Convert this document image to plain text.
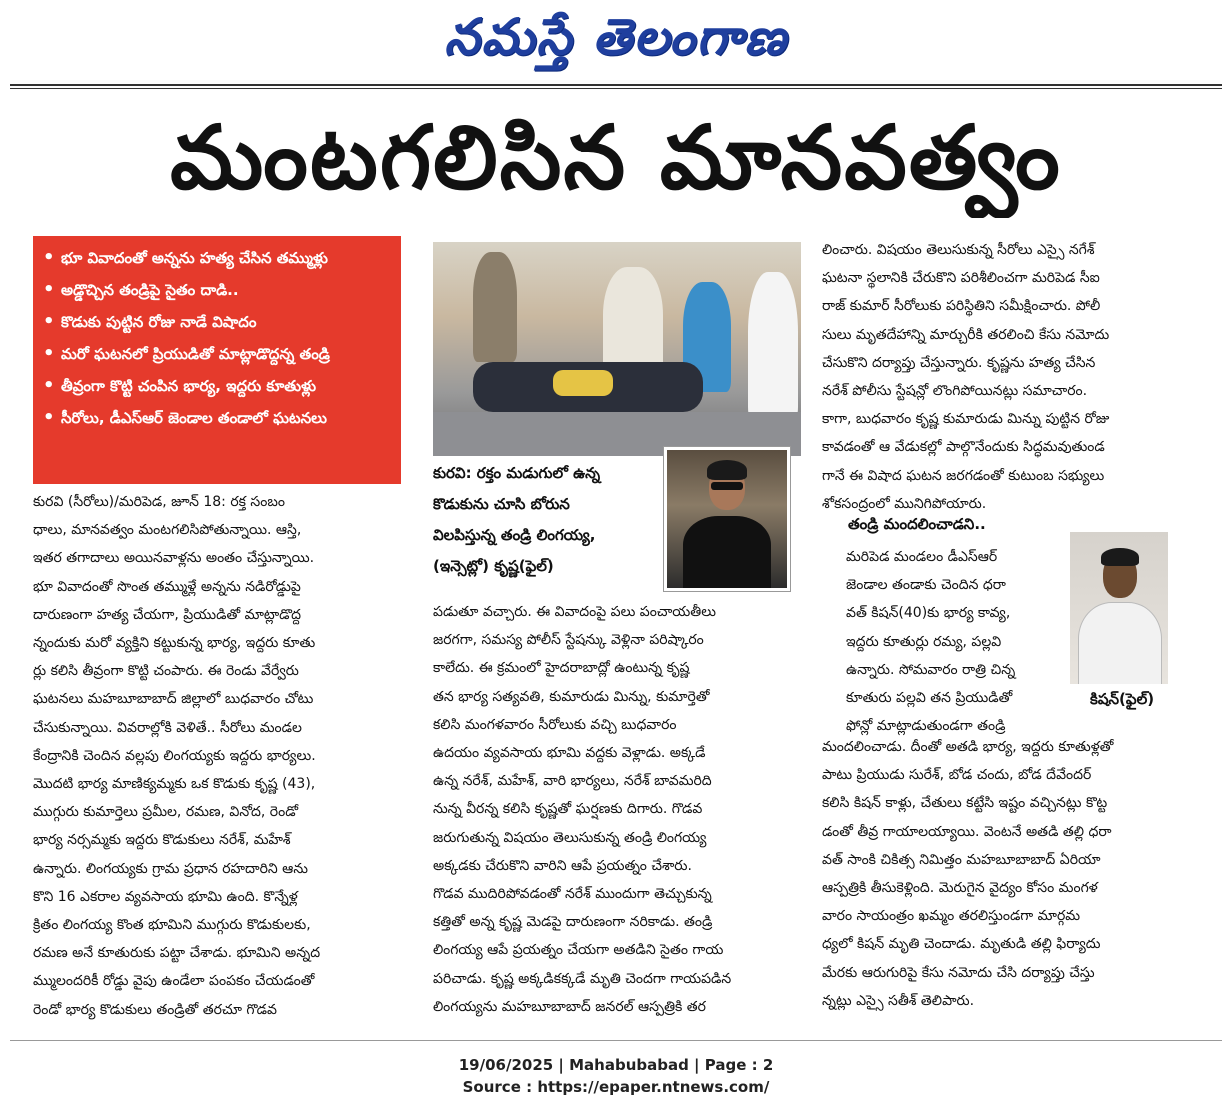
నమస్తే తెలంగాణ
మంటగలిసిన మానవత్వం
• భూ వివాదంతో అన్నను హత్య చేసిన తమ్ముళ్లు
• అడ్డొచ్చిన తండ్రిపై సైతం దాడి..
• కొడుకు పుట్టిన రోజు నాడే విషాదం
• మరో ఘటనలో ప్రియుడితో మాట్లాడొద్దన్న తండ్రి
• తీవ్రంగా కొట్టి చంపిన భార్య, ఇద్దరు కూతుళ్లు
• సీరోలు, డీఎస్ఆర్ జెండాల తండాలో ఘటనలు

కురవి (సీరోలు)/మరిపెడ, జూన్ 18: రక్త సంబం

ధాలు, మానవత్వం మంటగలిసిపోతున్నాయి. ఆస్తి,

ఇతర తగాదాలు అయినవాళ్లను అంతం చేస్తున్నాయి.

భూ వివాదంతో సొంత తమ్ముళ్లే అన్నను నడిరోడ్డుపై

దారుణంగా హత్య చేయగా, ప్రియుడితో మాట్లాడొద్ద

న్నందుకు మరో వ్యక్తిని కట్టుకున్న భార్య, ఇద్దరు కూతు

ర్లు కలిసి తీవ్రంగా కొట్టి చంపారు. ఈ రెండు వేర్వేరు

ఘటనలు మహబూబాబాద్ జిల్లాలో బుధవారం చోటు

చేసుకున్నాయి. వివరాల్లోకి వెళితే.. సీరోలు మండల

కేంద్రానికి చెందిన వల్లపు లింగయ్యకు ఇద్దరు భార్యలు.

మొదటి భార్య మాణిక్యమ్మకు ఒక కొడుకు కృష్ణ (43),

ముగ్గురు కుమార్తెలు ప్రమీల, రమణ, వినోద, రెండో

భార్య నర్సమ్మకు ఇద్దరు కొడుకులు నరేశ్, మహేశ్

ఉన్నారు. లింగయ్యకు గ్రామ ప్రధాన రహదారిని ఆను

కొని 16 ఎకరాల వ్యవసాయ భూమి ఉంది. కొన్నేళ్ల

క్రితం లింగయ్య కొంత భూమిని ముగ్గురు కొడుకులకు,

రమణ అనే కూతురుకు పట్టా చేశాడు. భూమిని అన్నద

మ్ములందరికీ రోడ్డు వైపు ఉండేలా పంపకం చేయడంతో

రెండో భార్య కొడుకులు తండ్రితో తరచూ గొడవ

కురవి: రక్తం మడుగులో ఉన్న
కొడుకును చూసి బోరున
విలపిస్తున్న తండ్రి లింగయ్య,
(ఇన్సెట్లో) కృష్ణ(ఫైల్)

పడుతూ వచ్చారు. ఈ వివాదంపై పలు పంచాయతీలు

జరగగా, సమస్య పోలీస్ స్టేషన్కు వెళ్లినా పరిష్కారం

కాలేదు. ఈ క్రమంలో హైదరాబాద్లో ఉంటున్న కృష్ణ

తన భార్య సత్యవతి, కుమారుడు మిన్ను, కుమార్తెతో

కలిసి మంగళవారం సీరోలుకు వచ్చి బుధవారం

ఉదయం వ్యవసాయ భూమి వద్దకు వెళ్లాడు. అక్కడే

ఉన్న నరేశ్, మహేశ్, వారి భార్యలు, నరేశ్ బావమరిది

నున్న వీరన్న కలిసి కృష్ణతో ఘర్షణకు దిగారు. గొడవ

జరుగుతున్న విషయం తెలుసుకున్న తండ్రి లింగయ్య

అక్కడకు చేరుకొని వారిని ఆపే ప్రయత్నం చేశారు.

గొడవ ముదిరిపోవడంతో నరేశ్ ముందుగా తెచ్చుకున్న

కత్తితో అన్న కృష్ణ మెడపై దారుణంగా నరికాడు. తండ్రి

లింగయ్య ఆపే ప్రయత్నం చేయగా అతడిని సైతం గాయ

పరిచాడు. కృష్ణ అక్కడికక్కడే మృతి చెందగా గాయపడిన

లింగయ్యను మహబూబాబాద్ జనరల్ ఆస్పత్రికి తర

లించారు. విషయం తెలుసుకున్న సీరోలు ఎస్సై నగేశ్

ఘటనా స్థలానికి చేరుకొని పరిశీలించగా మరిపెడ సీఐ

రాజ్ కుమార్ సీరోలుకు పరిస్థితిని సమీక్షించారు. పోలీ

సులు మృతదేహాన్ని మార్చురీకి తరలించి కేసు నమోదు

చేసుకొని దర్యాప్తు చేస్తున్నారు. కృష్ణను హత్య చేసిన

నరేశ్ పోలీసు స్టేషన్లో లొంగిపోయినట్లు సమాచారం.

కాగా, బుధవారం కృష్ణ కుమారుడు మిన్ను పుట్టిన రోజు

కావడంతో ఆ వేడుకల్లో పాల్గొనేందుకు సిద్ధమవుతుండ

గానే ఈ విషాద ఘటన జరగడంతో కుటుంబ సభ్యులు

శోకసంద్రంలో మునిగిపోయారు.

తండ్రి మందలించాడని..

మరిపెడ మండలం డీఎస్ఆర్

జెండాల తండాకు చెందిన ధరా

వత్ కిషన్(40)కు భార్య కావ్య,

ఇద్దరు కూతుర్లు రమ్య, పల్లవి

ఉన్నారు. సోమవారం రాత్రి చిన్న

కూతురు పల్లవి తన ప్రియుడితో

ఫోన్లో మాట్లాడుతుండగా తండ్రి

కిషన్(ఫైల్)

మందలించాడు. దీంతో అతడి భార్య, ఇద్దరు కూతుళ్లతో

పాటు ప్రియుడు సురేశ్, బోడ చందు, బోడ దేవేందర్

కలిసి కిషన్ కాళ్లు, చేతులు కట్టేసి ఇష్టం వచ్చినట్లు కొట్ట

డంతో తీవ్ర గాయాలయ్యాయి. వెంటనే అతడి తల్లి ధరా

వత్ సాంకి చికిత్స నిమిత్తం మహబూబాబాద్ ఏరియా

ఆస్పత్రికి తీసుకెళ్లింది. మెరుగైన వైద్యం కోసం మంగళ

వారం సాయంత్రం ఖమ్మం తరలిస్తుండగా మార్గమ

ధ్యలో కిషన్ మృతి చెందాడు. మృతుడి తల్లి ఫిర్యాదు

మేరకు ఆరుగురిపై కేసు నమోదు చేసి దర్యాప్తు చేస్తు

న్నట్లు ఎస్సై సతీశ్ తెలిపారు.

19/06/2025 | Mahabubabad | Page : 2
Source : https://epaper.ntnews.com/
